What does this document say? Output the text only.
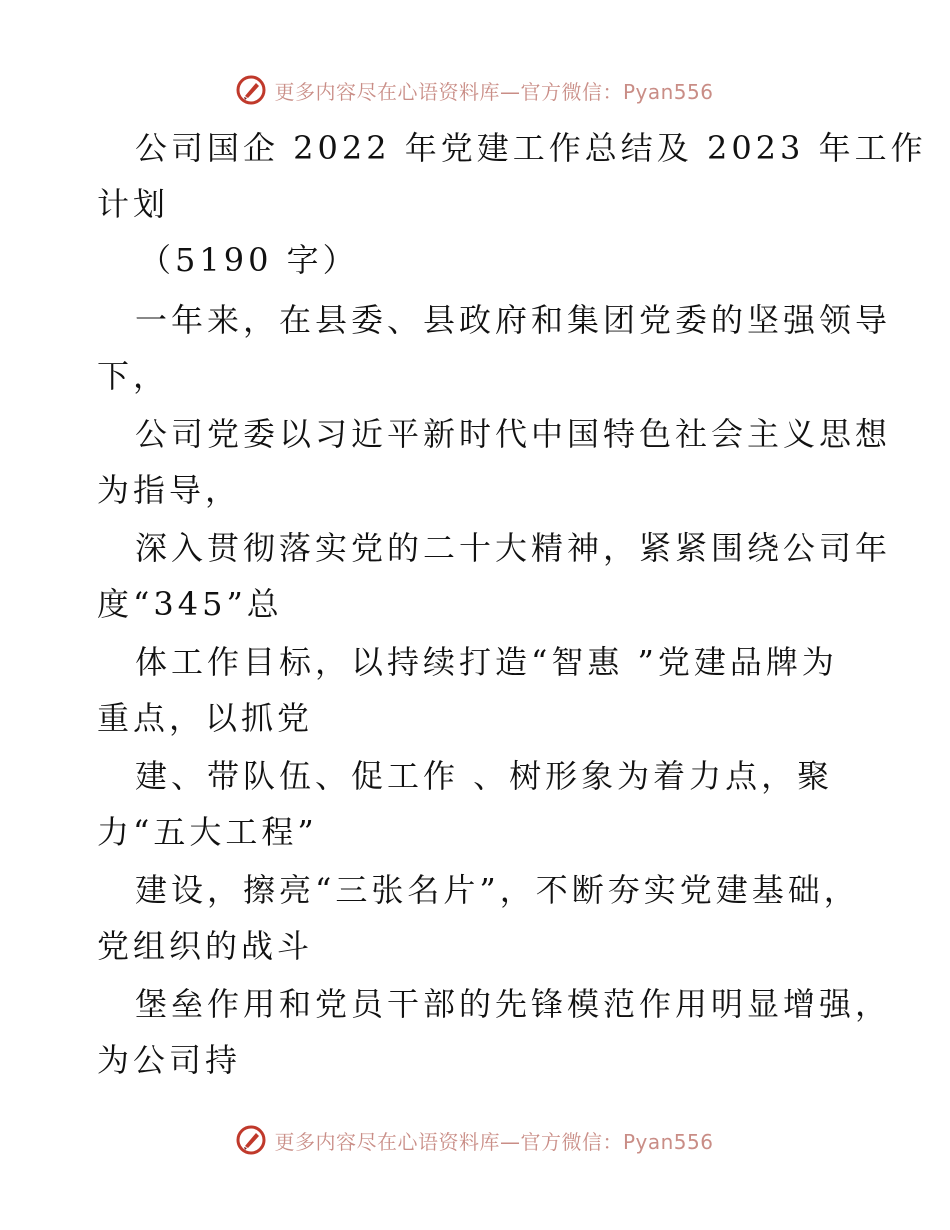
更多内容尽在心语资料库—官方微信：Pyan556
公司国企 2022 年党建工作总结及 2023 年工作
计划
（5190 字）
一年来，在县委、县政府和集团党委的坚强领导
下，
公司党委以习近平新时代中国特色社会主义思想
为指导，
深入贯彻落实党的二十大精神，紧紧围绕公司年
度“345”总
体工作目标，以持续打造“智惠 ”党建品牌为
重点，以抓党
建、带队伍、促工作 、树形象为着力点，聚
力“五大工程”
建设，擦亮“三张名片”，不断夯实党建基础，
党组织的战斗
堡垒作用和党员干部的先锋模范作用明显增强，
为公司持
更多内容尽在心语资料库—官方微信：Pyan556
